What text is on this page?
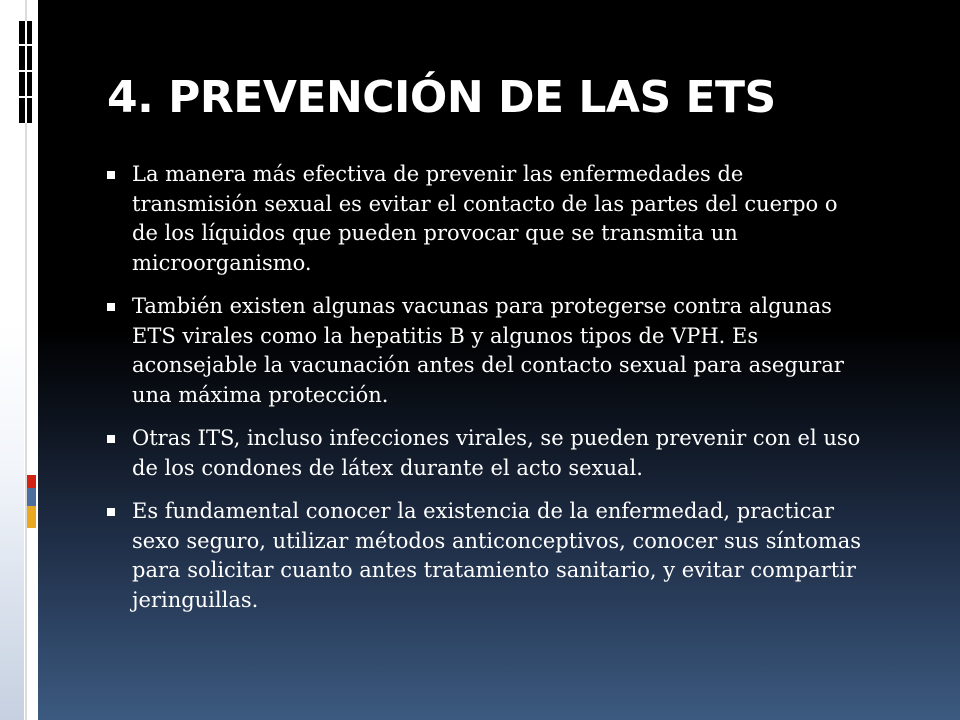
4. PREVENCIÓN DE LAS ETS
La manera más efectiva de prevenir las enfermedades de transmisión sexual es evitar el contacto de las partes del cuerpo o de los líquidos que pueden provocar que se transmita un microorganismo.
También existen algunas vacunas para protegerse contra algunas ETS virales como la hepatitis B y algunos tipos de VPH. Es aconsejable la vacunación antes del contacto sexual para asegurar una máxima protección.
Otras ITS, incluso infecciones virales, se pueden prevenir con el uso de los condones de látex durante el acto sexual.
Es fundamental conocer la existencia de la enfermedad, practicar sexo seguro, utilizar métodos anticonceptivos, conocer sus síntomas para solicitar cuanto antes tratamiento sanitario, y evitar compartir jeringuillas.
